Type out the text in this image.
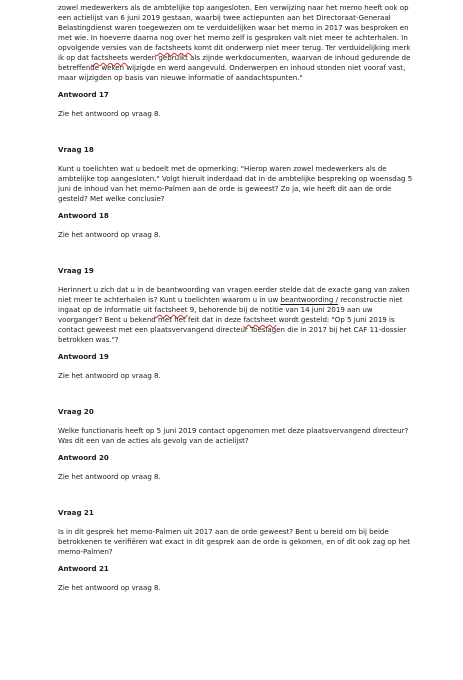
zowel medewerkers als de ambtelijke top aangesloten. Een verwijzing naar het memo heeft ook op een actielijst van 6 juni 2019 gestaan, waarbij twee actiepunten aan het Directoraat-Generaal Belastingdienst waren toegewezen om te verduidelijken waar het memo in 2017 was besproken en met wie. In hoeverre daarna nog over het memo zelf is gesproken valt niet meer te achterhalen. In opvolgende versies van de factsheets komt dit onderwerp niet meer terug. Ter verduidelijking merk ik op dat factsheets werden gebruikt als zijnde werkdocumenten, waarvan de inhoud gedurende de betreffende weken wijzigde en werd aangevuld. Onderwerpen en inhoud stonden niet vooraf vast, maar wijzigden op basis van nieuwe informatie of aandachtspunten."

Antwoord 17

Zie het antwoord op vraag 8.

Vraag 18

Kunt u toelichten wat u bedoelt met de opmerking: "Hierop waren zowel medewerkers als de ambtelijke top aangesloten." Volgt hieruit inderdaad dat in de ambtelijke bespreking op woensdag 5 juni de inhoud van het memo-Palmen aan de orde is geweest? Zo ja, wie heeft dit aan de orde gesteld? Met welke conclusie?

Antwoord 18

Zie het antwoord op vraag 8.

Vraag 19

Herinnert u zich dat u in de beantwoording van vragen eerder stelde dat de exacte gang van zaken niet meer te achterhalen is? Kunt u toelichten waarom u in uw beantwoording / reconstructie niet ingaat op de informatie uit factsheet 9, behorende bij de notitie van 14 juni 2019 aan uw voorganger? Bent u bekend met het feit dat in deze factsheet wordt gesteld: "Op 5 juni 2019 is contact geweest met een plaatsvervangend directeur Toeslagen die in 2017 bij het CAF 11-dossier betrokken was."?

Antwoord 19

Zie het antwoord op vraag 8.

Vraag 20

Welke functionaris heeft op 5 juni 2019 contact opgenomen met deze plaatsvervangend directeur? Was dit een van de acties als gevolg van de actielijst?

Antwoord 20

Zie het antwoord op vraag 8.

Vraag 21

Is in dit gesprek het memo-Palmen uit 2017 aan de orde geweest? Bent u bereid om bij beide betrokkenen te verifiëren wat exact in dit gesprek aan de orde is gekomen, en of dit ook zag op het memo-Palmen?

Antwoord 21

Zie het antwoord op vraag 8.
